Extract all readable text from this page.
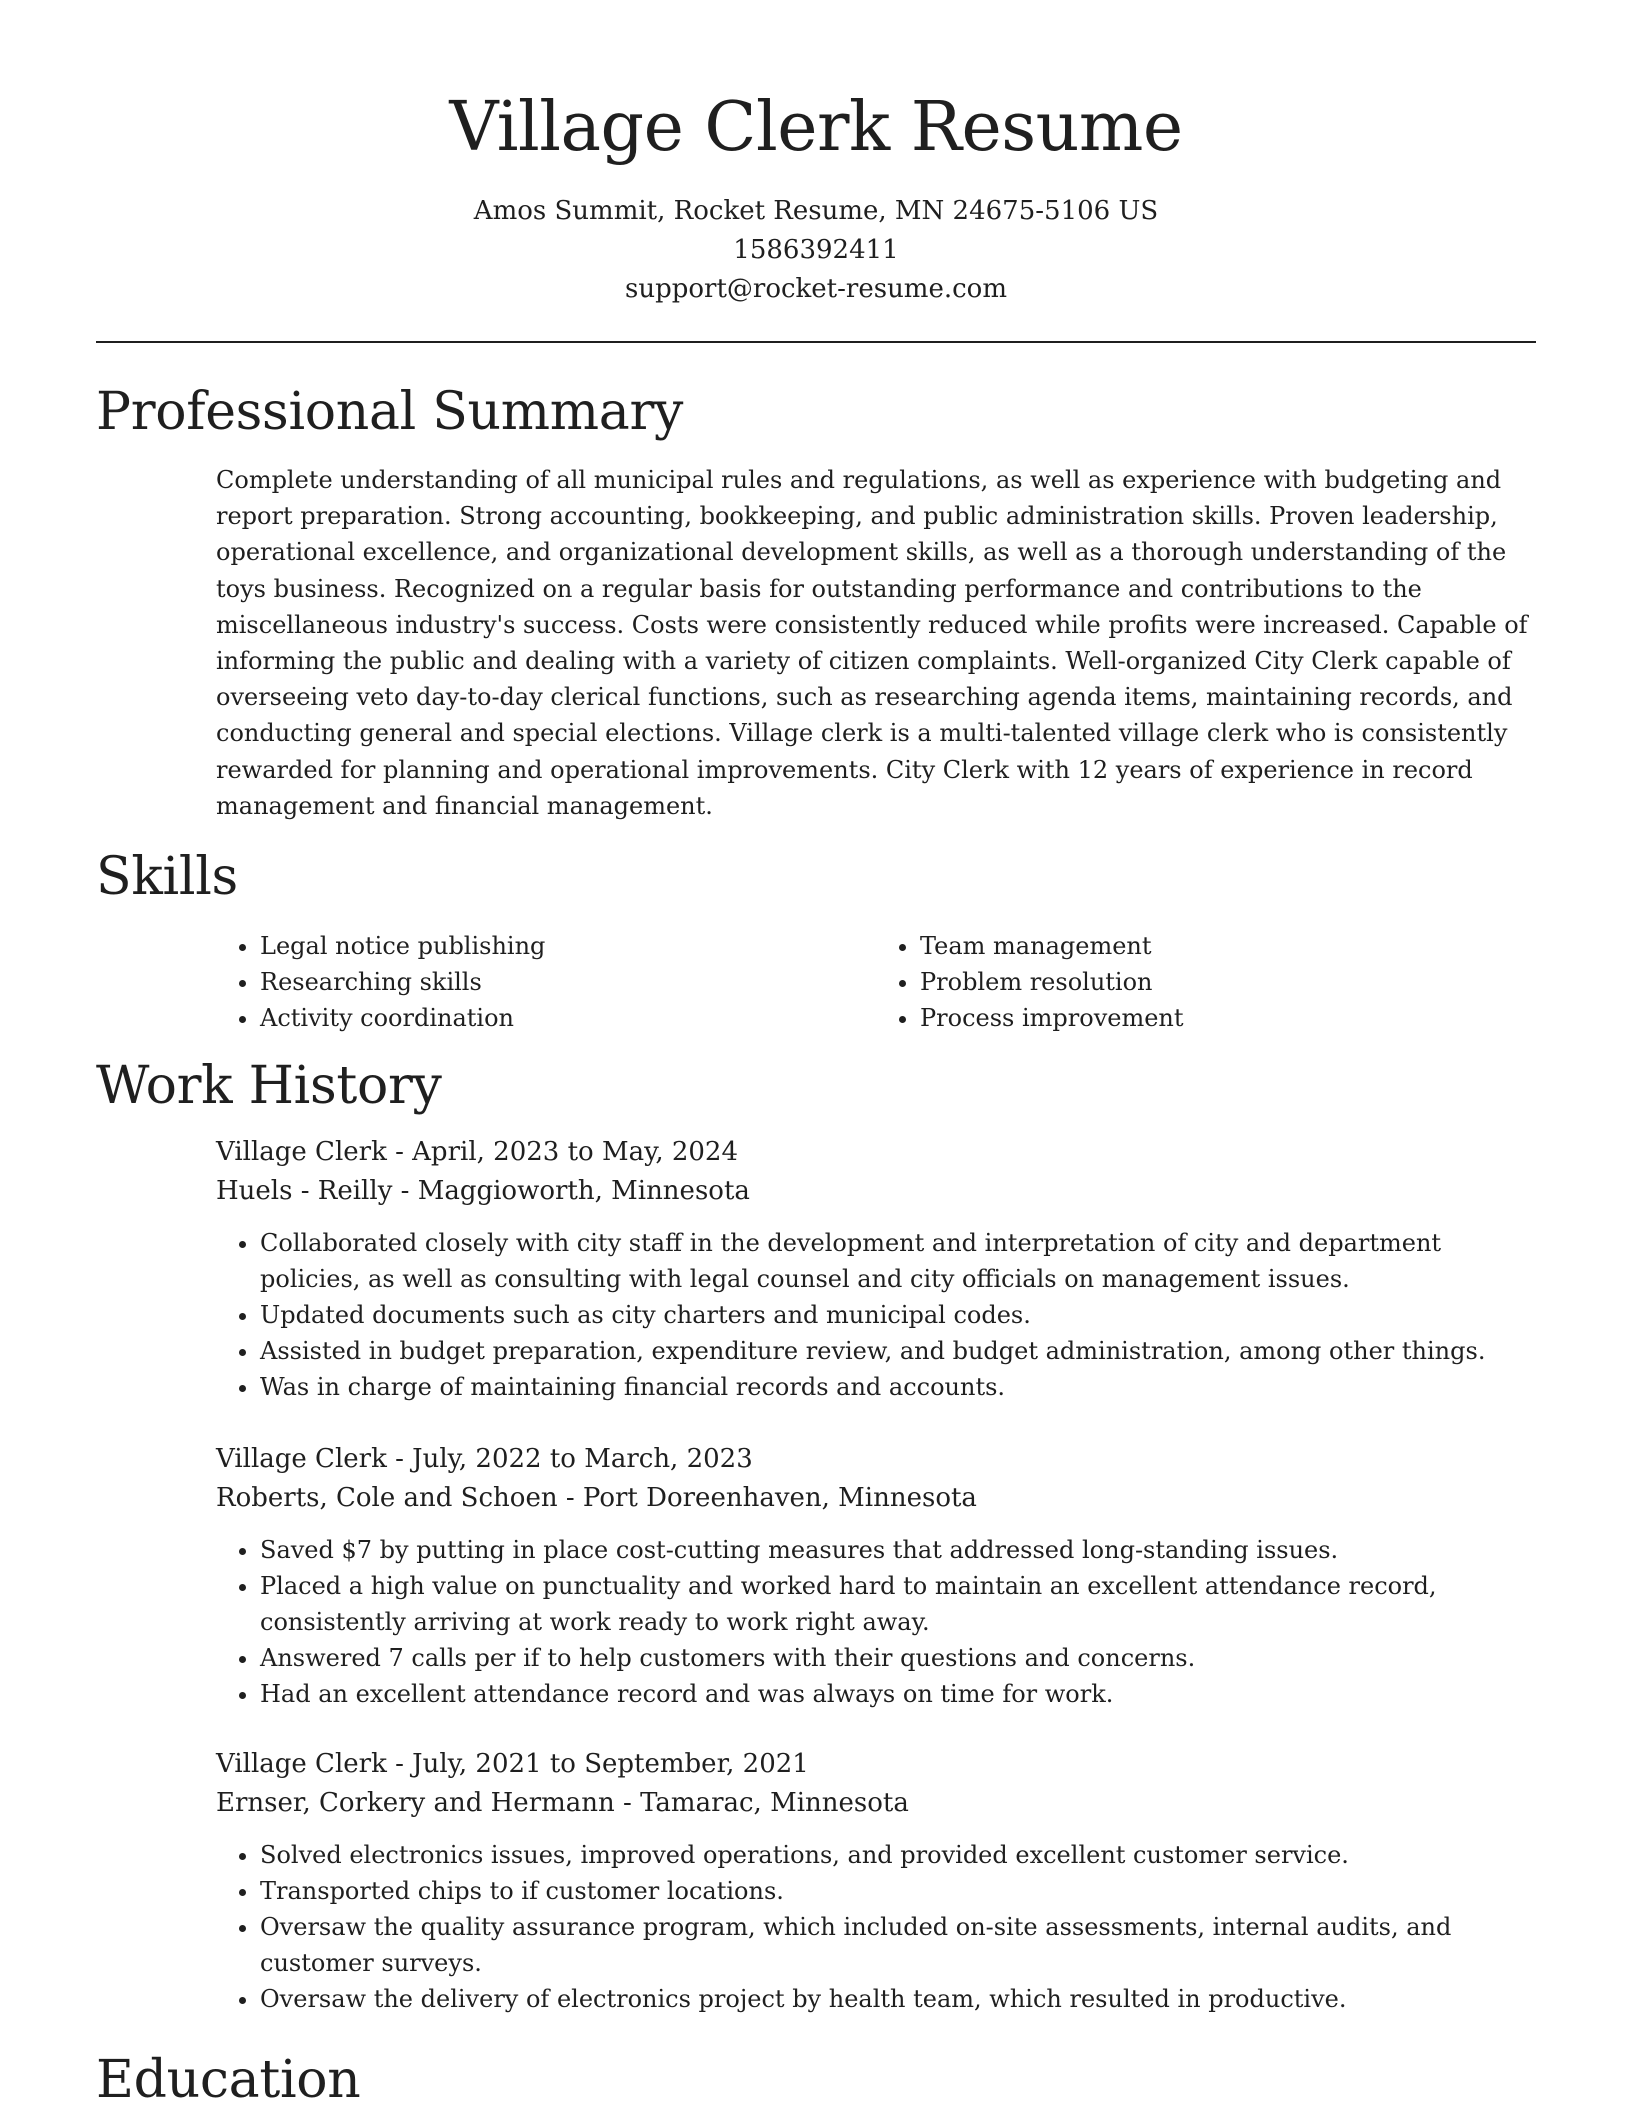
Village Clerk Resume
Amos Summit, Rocket Resume, MN 24675-5106 US
1586392411
support@rocket-resume.com
Professional Summary

Complete understanding of all municipal rules and regulations, as well as experience with budgeting and report preparation. Strong accounting, bookkeeping, and public administration skills. Proven leadership, operational excellence, and organizational development skills, as well as a thorough understanding of the toys business. Recognized on a regular basis for outstanding performance and contributions to the miscellaneous industry's success. Costs were consistently reduced while profits were increased. Capable of informing the public and dealing with a variety of citizen complaints. Well-organized City Clerk capable of overseeing veto day-to-day clerical functions, such as researching agenda items, maintaining records, and conducting general and special elections. Village clerk is a multi-talented village clerk who is consistently rewarded for planning and operational improvements. City Clerk with 12 years of experience in record management and financial management.

Skills
• Legal notice publishing
• Researching skills
• Activity coordination
• Team management
• Problem resolution
• Process improvement
Work History
Village Clerk - April, 2023 to May, 2024
Huels - Reilly - Maggioworth, Minnesota
• Collaborated closely with city staff in the development and interpretation of city and department policies, as well as consulting with legal counsel and city officials on management issues.
• Updated documents such as city charters and municipal codes.
• Assisted in budget preparation, expenditure review, and budget administration, among other things.
• Was in charge of maintaining financial records and accounts.
Village Clerk - July, 2022 to March, 2023
Roberts, Cole and Schoen - Port Doreenhaven, Minnesota
• Saved $7 by putting in place cost-cutting measures that addressed long-standing issues.
• Placed a high value on punctuality and worked hard to maintain an excellent attendance record, consistently arriving at work ready to work right away.
• Answered 7 calls per if to help customers with their questions and concerns.
• Had an excellent attendance record and was always on time for work.
Village Clerk - July, 2021 to September, 2021
Ernser, Corkery and Hermann - Tamarac, Minnesota
• Solved electronics issues, improved operations, and provided excellent customer service.
• Transported chips to if customer locations.
• Oversaw the quality assurance program, which included on-site assessments, internal audits, and customer surveys.
• Oversaw the delivery of electronics project by health team, which resulted in productive.
Education
